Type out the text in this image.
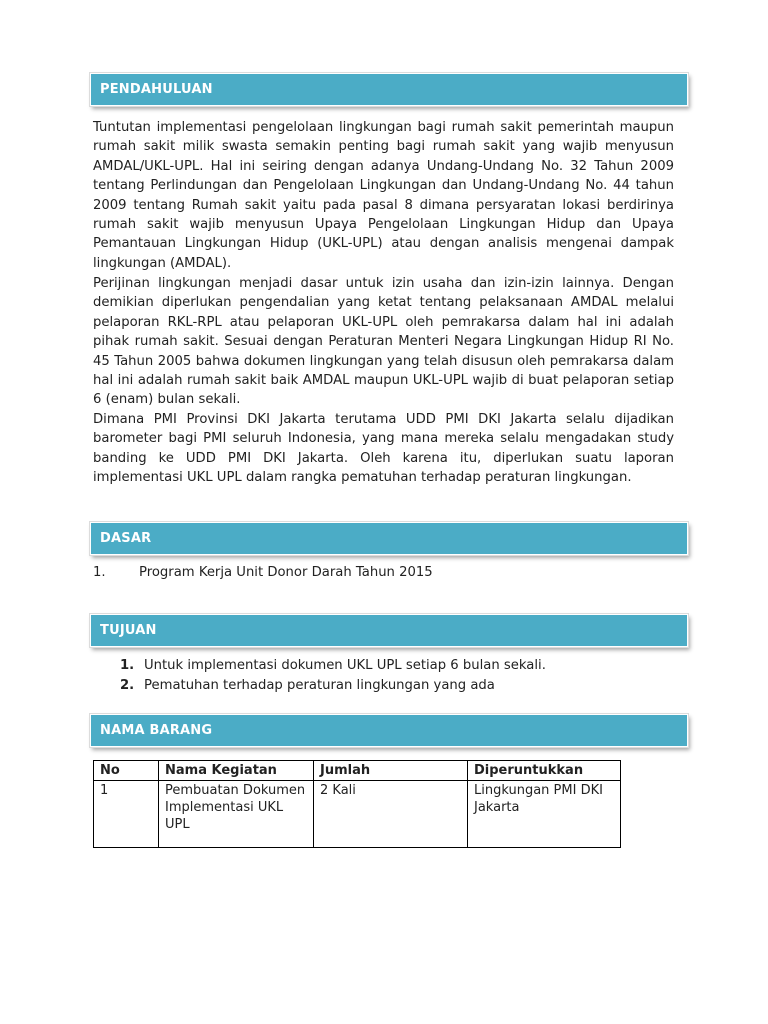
PENDAHULUAN

Tuntutan implementasi pengelolaan lingkungan bagi rumah sakit pemerintah maupun rumah sakit milik swasta semakin penting bagi rumah sakit yang wajib menyusun AMDAL/UKL-UPL. Hal ini seiring dengan adanya Undang-Undang No. 32 Tahun 2009 tentang Perlindungan dan Pengelolaan Lingkungan dan Undang-Undang No. 44 tahun 2009 tentang Rumah sakit yaitu pada pasal 8 dimana persyaratan lokasi berdirinya rumah sakit wajib menyusun Upaya Pengelolaan Lingkungan Hidup dan Upaya Pemantauan Lingkungan Hidup (UKL-UPL) atau dengan analisis mengenai dampak lingkungan (AMDAL).

Perijinan lingkungan menjadi dasar untuk izin usaha dan izin-izin lainnya. Dengan demikian diperlukan pengendalian yang ketat tentang pelaksanaan AMDAL melalui pelaporan RKL-RPL atau pelaporan UKL-UPL oleh pemrakarsa dalam hal ini adalah pihak rumah sakit. Sesuai dengan Peraturan Menteri Negara Lingkungan Hidup RI No. 45 Tahun 2005 bahwa dokumen lingkungan yang telah disusun oleh pemrakarsa dalam hal ini adalah rumah sakit baik AMDAL maupun UKL-UPL wajib di buat pelaporan setiap 6 (enam) bulan sekali.

Dimana PMI Provinsi DKI Jakarta terutama UDD PMI DKI Jakarta selalu dijadikan barometer bagi PMI seluruh Indonesia, yang mana mereka selalu mengadakan study banding ke UDD PMI DKI Jakarta. Oleh karena itu, diperlukan suatu laporan implementasi UKL UPL dalam rangka pematuhan terhadap peraturan lingkungan.

DASAR
1.	Program Kerja Unit Donor Darah Tahun 2015
TUJUAN
1. Untuk implementasi dokumen UKL UPL setiap 6 bulan sekali.
2. Pematuhan terhadap peraturan lingkungan yang ada
NAMA BARANG
No	Nama Kegiatan	Jumlah	Diperuntukkan
1	Pembuatan Dokumen Implementasi UKL UPL	2 Kali	Lingkungan PMI DKI Jakarta
